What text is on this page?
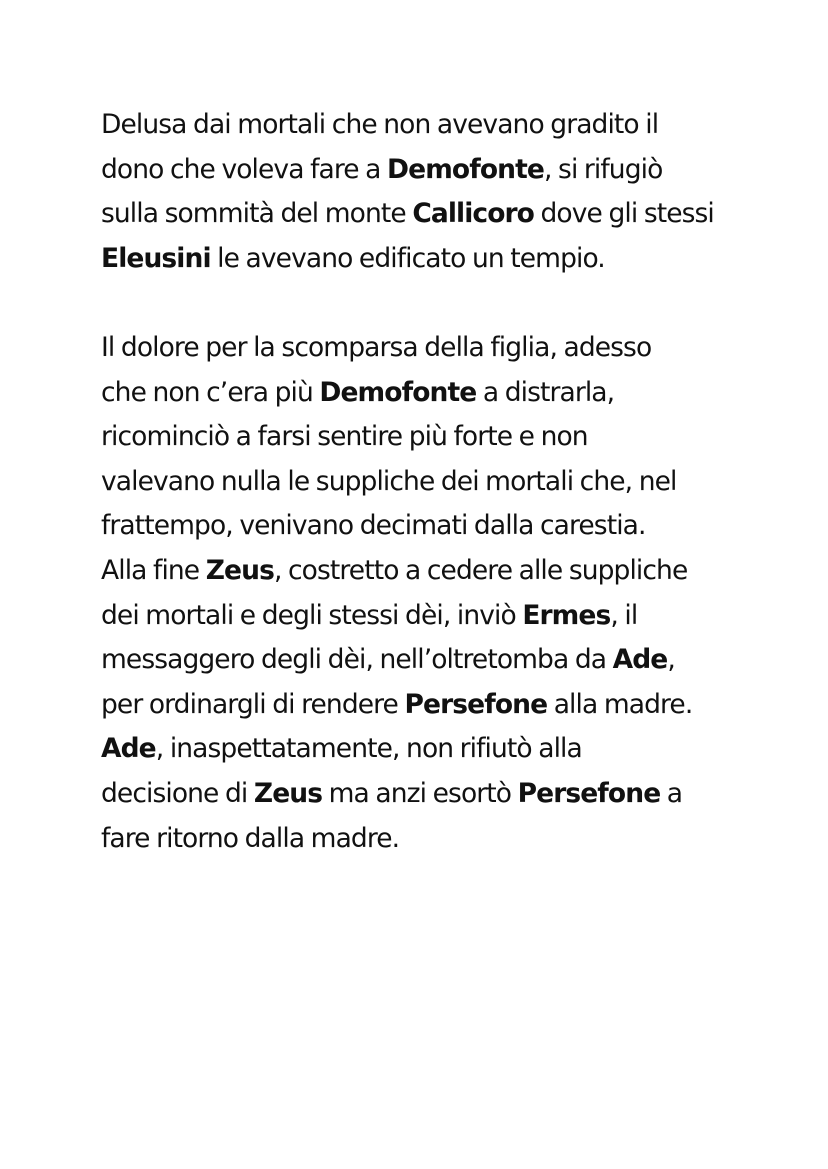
Delusa dai mortali che non avevano gradito il
dono che voleva fare a Demofonte, si rifugiò
sulla sommità del monte Callicoro dove gli stessi
Eleusini le avevano edificato un tempio.
Il dolore per la scomparsa della figlia, adesso
che non c’era più Demofonte a distrarla,
ricominciò a farsi sentire più forte e non
valevano nulla le suppliche dei mortali che, nel
frattempo, venivano decimati dalla carestia.
Alla fine Zeus, costretto a cedere alle suppliche
dei mortali e degli stessi dèi, inviò Ermes, il
messaggero degli dèi, nell’oltretomba da Ade,
per ordinargli di rendere Persefone alla madre.
Ade, inaspettatamente, non rifiutò alla
decisione di Zeus ma anzi esortò Persefone a
fare ritorno dalla madre.
